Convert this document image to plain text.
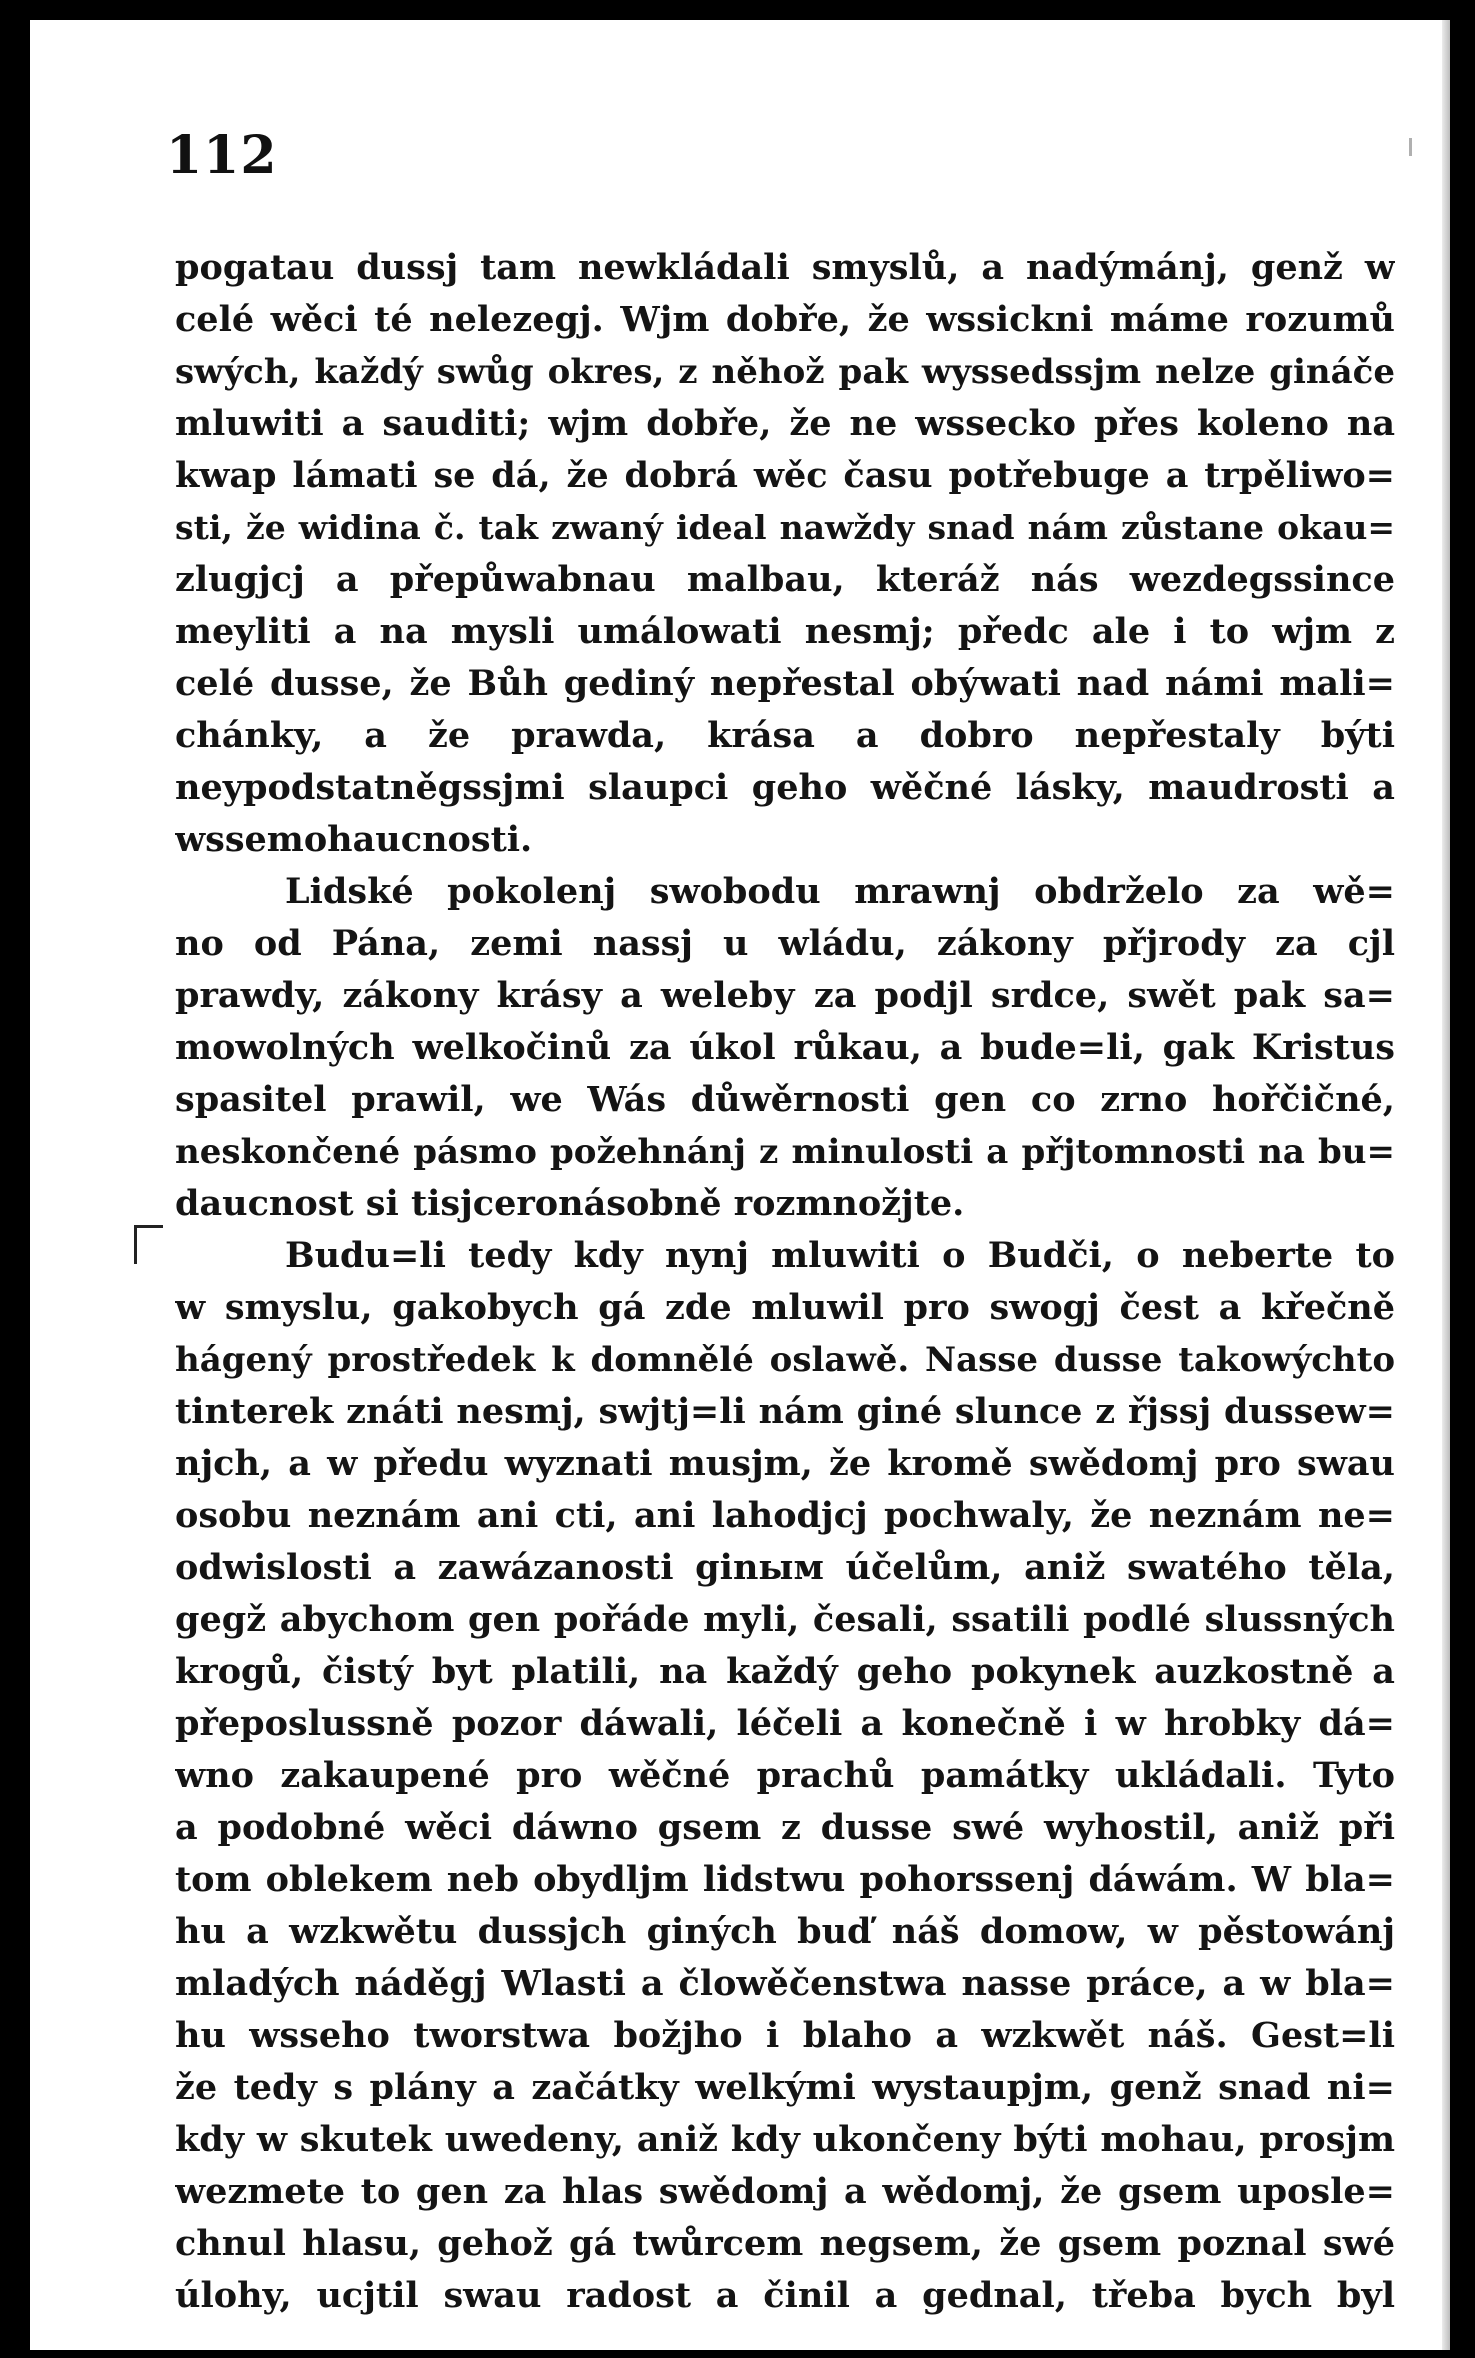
112
pogatau dussj tam newkládali smyslů, a nadýmánj, genž w
celé wěci té nelezegj. Wjm dobře, že wssickni máme rozumů
swých, každý swůg okres, z něhož pak wyssedssjm nelze gináče
mluwiti a sauditi; wjm dobře, že ne wssecko přes koleno na
kwap lámati se dá, že dobrá wěc času potřebuge a trpěliwo=
sti, že widina č. tak zwaný ideal nawždy snad nám zůstane okau=
zlugjcj a přepůwabnau malbau, kteráž nás wezdegssince
meyliti a na mysli umálowati nesmj; předc ale i to wjm z
celé dusse, že Bůh gediný nepřestal obýwati nad námi mali=
chánky, a že prawda, krása a dobro nepřestaly býti
neypodstatněgssjmi slaupci geho wěčné lásky, maudrosti a
wssemohaucnosti.
Lidské pokolenj swobodu mrawnj obdrželo za wě=
no od Pána, zemi nassj u wládu, zákony přjrody za cjl
prawdy, zákony krásy a welebу za podjl srdce, swět pak sa=
mowolných welkočinů za úkol růkau, a bude=li, gak Kristus
spasitel prawil, we Wás důwěrnosti gen co zrno hořčičné,
neskončené pásmo požehnánj z minulosti a přjtomnosti na bu=
daucnost si tisjceronásobně rozmnožjte.
Budu=li tedy kdy nynj mluwiti o Budči, o neberte to
w smyslu, gakobych gá zde mluwil pro swogj čest a křečně
hágený prostředek k domnělé oslawě. Nasse dusse takowýchto
tinterek znáti nesmj, swjtj=li nám giné slunce z řjssj dussew=
njch, a w předu wyznati musjm, že kromě swědomj pro swau
osobu neznám ani cti, ani lahodjcj pochwaly, že neznám ne=
odwislosti a zawázanosti ginым účelům, aniž swatého těla,
gegž abychom gen pořáde myli, česali, ssatili podlé slussných
krogů, čistý byt platili, na každý geho pokynek auzkostně a
přeposlussně pozor dáwali, léčeli a konečně i w hrobky dá=
wno zakaupené pro wěčné prachů památky ukládali. Tyto
a podobné wěci dáwno gsem z dusse swé wyhostil, aniž při
tom oblekem neb obydljm lidstwu pohorssenj dáwám. W bla=
hu a wzkwětu dussjch giných buď náš domow, w pěstowánj
mladých náděgj Wlasti a člowěčenstwa nasse práce, a w bla=
hu wsseho tworstwa božjho i blaho a wzkwět náš. Gest=li
že tedy s plány a začátky welkými wystaupjm, genž snad ni=
kdy w skutek uwedeny, aniž kdy ukončeny býti mohau, prosjm
wezmete to gen za hlas swědomj a wědomj, že gsem uposle=
chnul hlasu, gehož gá twůrcem negsem, že gsem poznal swé
úlohy, ucjtil swau radost a činil a gednal, třeba bych byl
